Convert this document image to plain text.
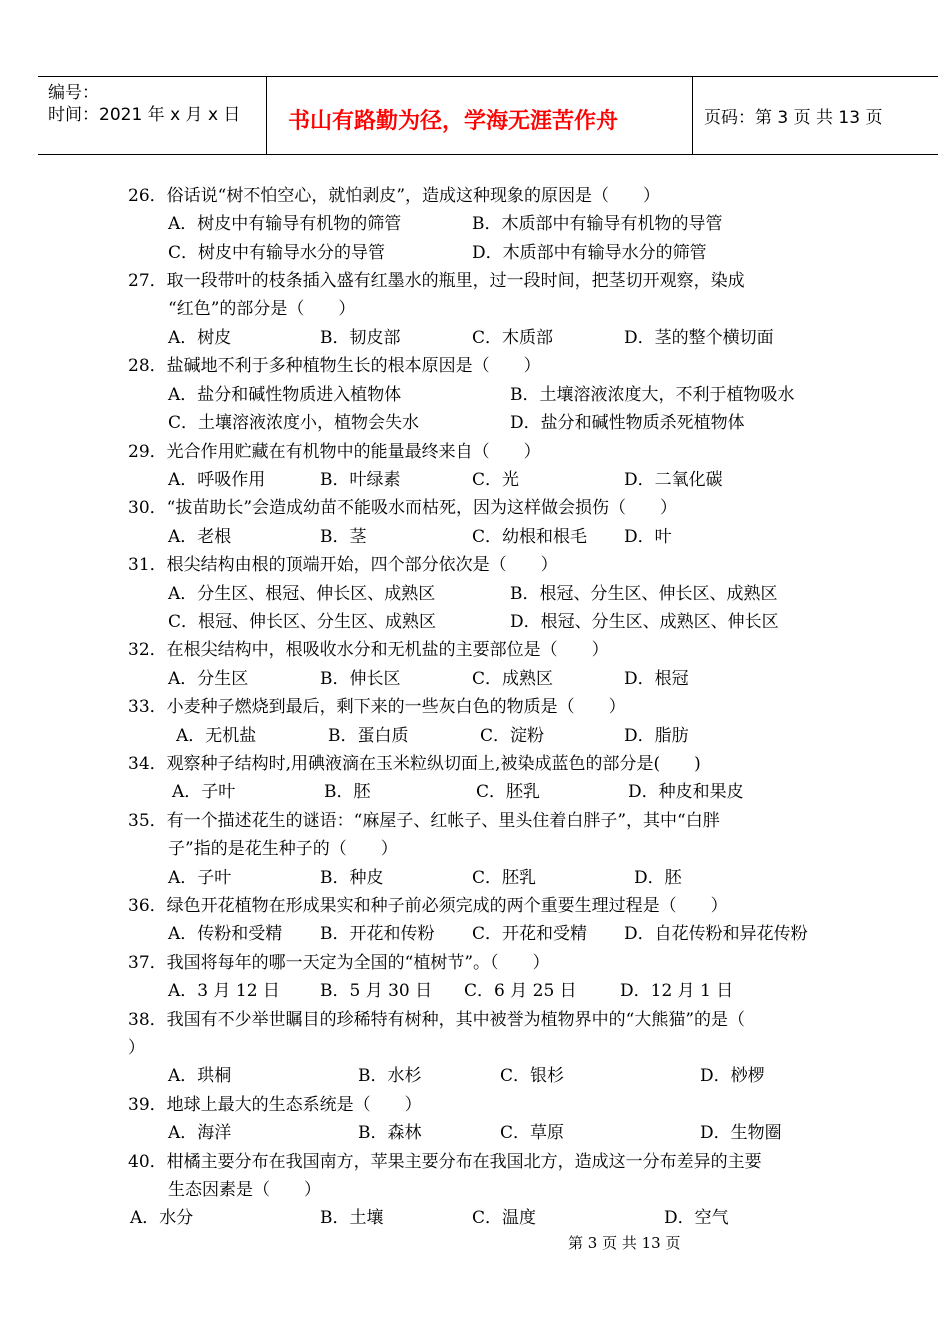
编号：
时间：2021 年 x 月 x 日 书山有路勤为径，学海无涯苦作舟	页码：第 3 页 共 13 页
26．俗话说“树不怕空心，就怕剥皮”，造成这种现象的原因是（　　）
A．树皮中有输导有机物的筛管	B．木质部中有输导有机物的导管
C．树皮中有输导水分的导管	D．木质部中有输导水分的筛管
27．取一段带叶的枝条插入盛有红墨水的瓶里，过一段时间，把茎切开观察，染成
“红色”的部分是（　　）
A．树皮	B．韧皮部	C．木质部	D．茎的整个横切面
28．盐碱地不利于多种植物生长的根本原因是（　　）
A．盐分和碱性物质进入植物体	B．土壤溶液浓度大，不利于植物吸水
C．土壤溶液浓度小，植物会失水	D．盐分和碱性物质杀死植物体
29．光合作用贮藏在有机物中的能量最终来自（　　）
A．呼吸作用	B．叶绿素	C．光	D．二氧化碳
30．“拔苗助长”会造成幼苗不能吸水而枯死，因为这样做会损伤（　　）
A．老根	B．茎	C．幼根和根毛 D．叶
31．根尖结构由根的顶端开始，四个部分依次是（　　）
A．分生区、根冠、伸长区、成熟区	B．根冠、分生区、伸长区、成熟区
C．根冠、伸长区、分生区、成熟区	D．根冠、分生区、成熟区、伸长区
32．在根尖结构中，根吸收水分和无机盐的主要部位是（　　）
A．分生区	B．伸长区	C．成熟区	D．根冠
33．小麦种子燃烧到最后，剩下来的一些灰白色的物质是（　　）
A．无机盐	B．蛋白质	C．淀粉	D．脂肪
34．观察种子结构时,用碘液滴在玉米粒纵切面上,被染成蓝色的部分是(　　)
A．子叶	B．胚	C．胚乳	D．种皮和果皮
35．有一个描述花生的谜语：“麻屋子、红帐子、里头住着白胖子”，其中“白胖
子”指的是花生种子的（　　）
A．子叶	B．种皮	C．胚乳	D．胚
36．绿色开花植物在形成果实和种子前必须完成的两个重要生理过程是（　　）
A．传粉和受精 B．开花和传粉 C．开花和受精 D．自花传粉和异花传粉
37．我国将每年的哪一天定为全国的“植树节”。（　　）
A．3 月 12 日 B．5 月 30 日 C．6 月 25 日	D．12 月 1 日
38．我国有不少举世瞩目的珍稀特有树种，其中被誉为植物界中的“大熊猫”的是（
）
A．珙桐	B．水杉	C．银杉	D．桫椤
39．地球上最大的生态系统是（　　）
A．海洋	B．森林	C．草原	D．生物圈
40．柑橘主要分布在我国南方，苹果主要分布在我国北方，造成这一分布差异的主要
生态因素是（　　）
A．水分	B．土壤	C．温度	D．空气
第 3 页 共 13 页
